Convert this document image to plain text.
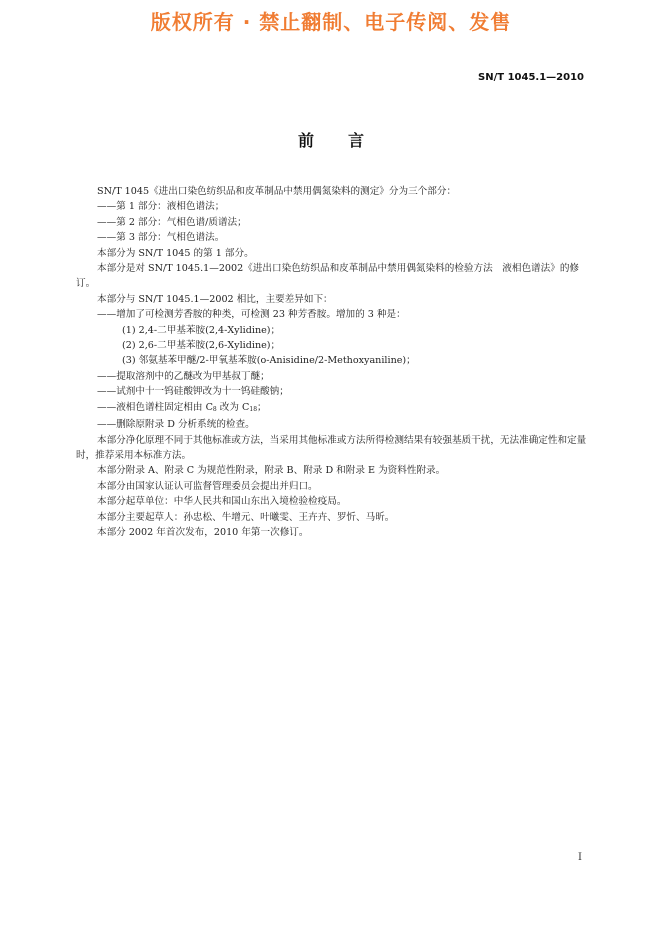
版权所有 · 禁止翻制、电子传阅、发售
SN/T 1045.1—2010
前言

SN/T 1045《进出口染色纺织品和皮革制品中禁用偶氮染料的测定》分为三个部分：

——第 1 部分：液相色谱法；

——第 2 部分：气相色谱/质谱法；

——第 3 部分：气相色谱法。

本部分为 SN/T 1045 的第 1 部分。

本部分是对 SN/T 1045.1—2002《进出口染色纺织品和皮革制品中禁用偶氮染料的检验方法　液相色谱法》的修订。

本部分与 SN/T 1045.1—2002 相比，主要差异如下：

——增加了可检测芳香胺的种类，可检测 23 种芳香胺。增加的 3 种是：

(1) 2,4-二甲基苯胺(2,4-Xylidine)；

(2) 2,6-二甲基苯胺(2,6-Xylidine)；

(3) 邻氨基苯甲醚/2-甲氧基苯胺(o-Anisidine/2-Methoxyaniline)；

——提取溶剂中的乙醚改为甲基叔丁醚；

——试剂中十一钨硅酸钾改为十一钨硅酸钠；

——液相色谱柱固定相由 $C_8$ 改为 $C_{18}$；

——删除原附录 D 分析系统的检查。

本部分净化原理不同于其他标准或方法，当采用其他标准或方法所得检测结果有较强基质干扰，无法准确定性和定量时，推荐采用本标准方法。

本部分附录 A、附录 C 为规范性附录，附录 B、附录 D 和附录 E 为资料性附录。

本部分由国家认证认可监督管理委员会提出并归口。

本部分起草单位：中华人民共和国山东出入境检验检疫局。

本部分主要起草人：孙忠松、牛增元、叶曦雯、王卉卉、罗忻、马昕。

本部分 2002 年首次发布，2010 年第一次修订。

I
